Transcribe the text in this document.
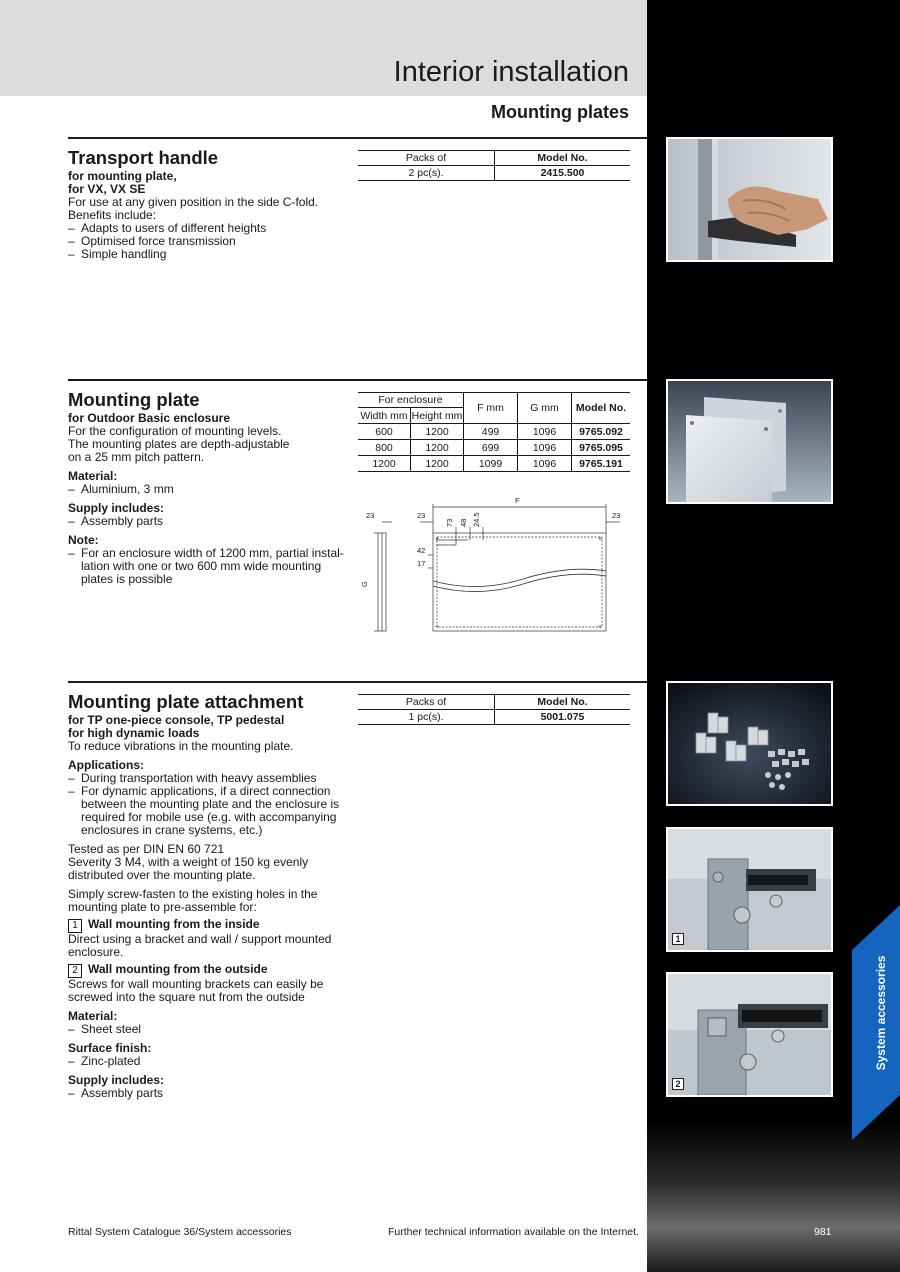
Interior installation
Mounting plates
Transport handle
for mounting plate,
for VX, VX SE
For use at any given position in the side C-fold.
Benefits include:
– Adapts to users of different heights
– Optimised force transmission
– Simple handling
Packs of	Model No.
2 pc(s).	2415.500
Mounting plate
for Outdoor Basic enclosure
For the configuration of mounting levels.
The mounting plates are depth-adjustable
on a 25 mm pitch pattern.
Material:
– Aluminium, 3 mm
Supply includes:
– Assembly parts
Note:
– For an enclosure width of 1200 mm, partial instal-
lation with one or two 600 mm wide mounting
plates is possible
For enclosure		F mm	G mm	Model No.
Width mm	Height mm			
600	1200	499	1096	9765.092
800	1200	699	1096	9765.095
1200	1200	1099	1096	9765.191
F
23	23	23
73 48 24.5
42
17
G
+	+
+	+
Mounting plate attachment
for TP one-piece console, TP pedestal
for high dynamic loads
To reduce vibrations in the mounting plate.
Applications:
– During transportation with heavy assemblies
– For dynamic applications, if a direct connection between the mounting plate and the enclosure is required for mobile use (e.g. with accompanying enclosures in crane systems, etc.)
Tested as per DIN EN 60 721
Severity 3 M4, with a weight of 150 kg evenly
distributed over the mounting plate.
Simply screw-fasten to the existing holes in the
mounting plate to pre-assemble for:
1 Wall mounting from the inside
Direct using a bracket and wall / support mounted enclosure.
2 Wall mounting from the outside
Screws for wall mounting brackets can easily be screwed into the square nut from the outside
Material:
– Sheet steel
Surface finish:
– Zinc-plated
Supply includes:
– Assembly parts
Packs of	Model No.
1 pc(s).	5001.075
1
2
System accessories
Rittal System Catalogue 36/System accessories	Further technical information available on the Internet.	981
